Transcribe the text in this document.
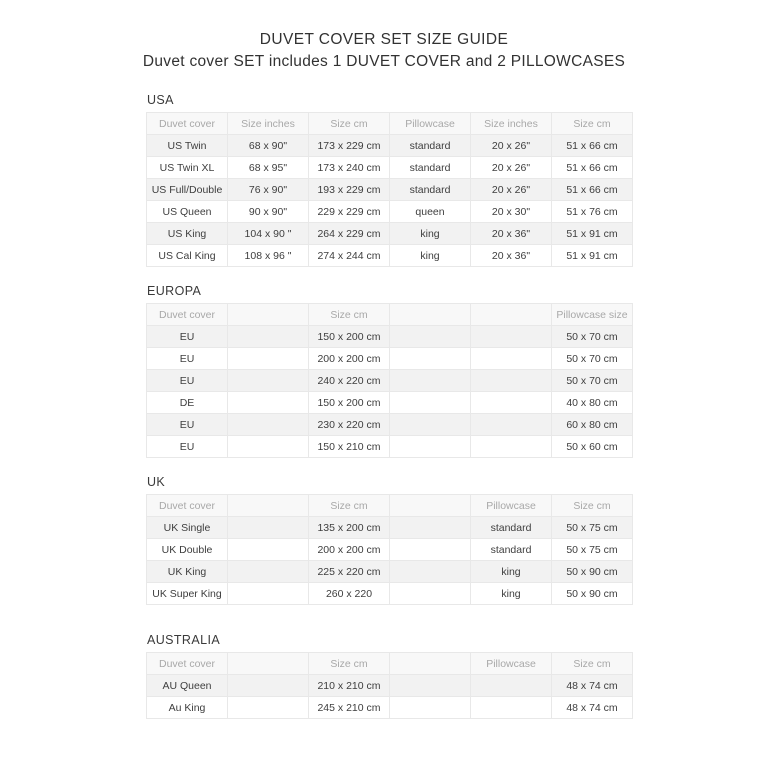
DUVET COVER SET SIZE GUIDE
Duvet cover SET includes 1 DUVET COVER and 2 PILLOWCASES
USA
Duvet cover	Size inches	Size cm	Pillowcase	Size inches	Size cm
US Twin	68 x 90"	173 x 229 cm	standard	20 x 26"	51 x 66 cm
US Twin XL	68 x 95"	173 x 240 cm	standard	20 x 26"	51 x 66 cm
US Full/Double	76 x 90"	193 x 229 cm	standard	20 x 26"	51 x 66 cm
US Queen	90 x 90"	229 x 229 cm	queen	20 x 30"	51 x 76 cm
US King	104 x 90 "	264 x 229 cm	king	20 x 36"	51 x 91 cm
US Cal King	108 x 96 "	274 x 244 cm	king	20 x 36"	51 x 91 cm
EUROPA
Duvet cover		Size cm			Pillowcase size
EU		150 x 200 cm			50 x 70 cm
EU		200 x 200 cm			50 x 70 cm
EU		240 x 220 cm			50 x 70 cm
DE		150 x 200 cm			40 x 80 cm
EU		230 x 220 cm			60 x 80 cm
EU		150 x 210 cm			50 x 60 cm
UK
Duvet cover		Size cm		Pillowcase	Size cm
UK Single		135 x 200 cm		standard	50 x 75 cm
UK Double		200 x 200 cm		standard	50 x 75 cm
UK King		225 x 220 cm		king	50 x 90 cm
UK Super King		260 x 220		king	50 x 90 cm
AUSTRALIA
Duvet cover		Size cm		Pillowcase	Size cm
AU Queen		210 x 210 cm			48 x 74 cm
Au King		245 x 210 cm			48 x 74 cm
